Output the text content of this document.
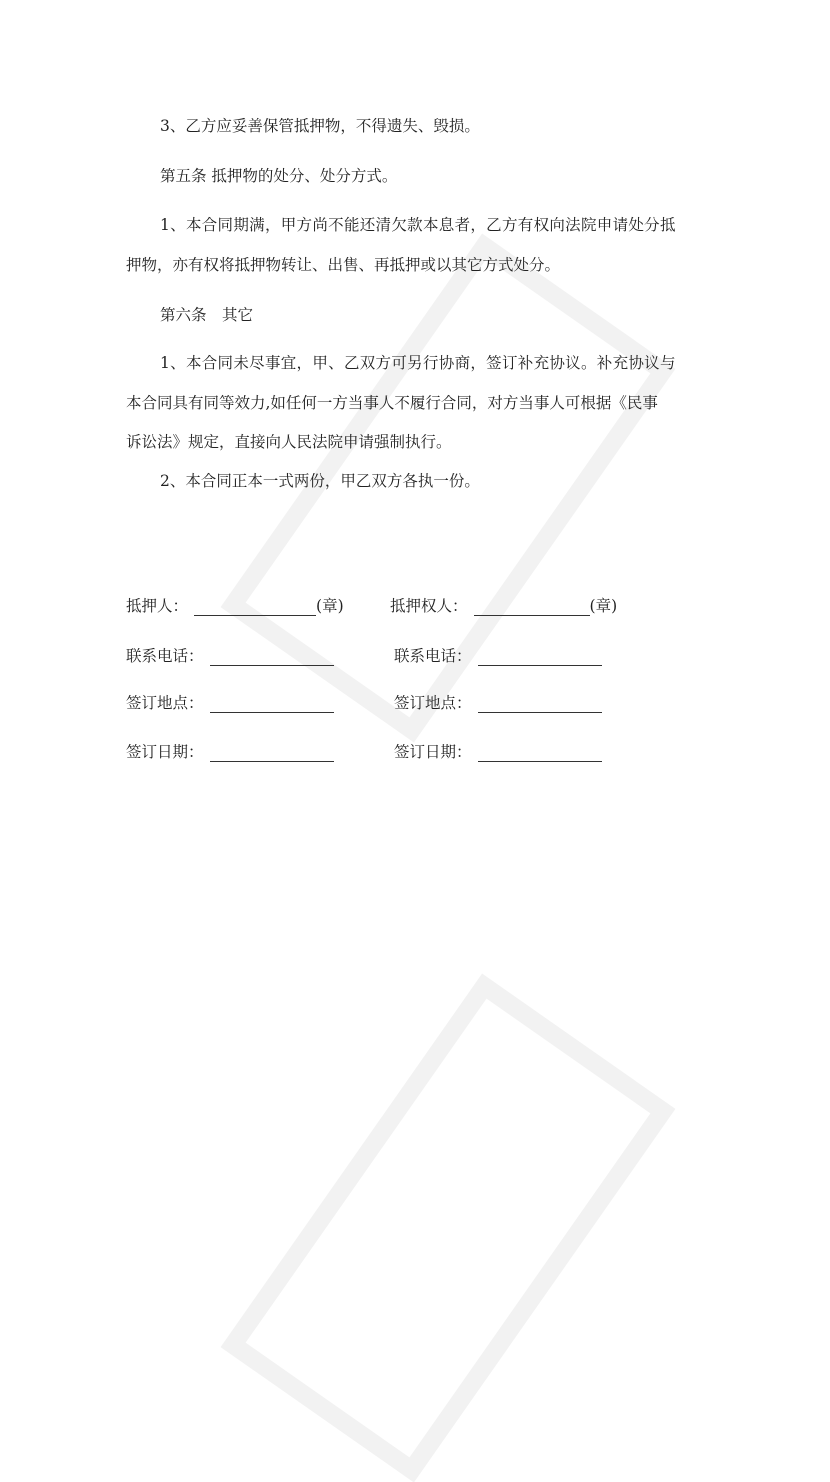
3、乙方应妥善保管抵押物，不得遗失、毁损。
第五条 抵押物的处分、处分方式。
1、本合同期满，甲方尚不能还清欠款本息者，乙方有权向法院申请处分抵
押物，亦有权将抵押物转让、出售、再抵押或以其它方式处分。
第六条　其它
1、本合同未尽事宜，甲、乙双方可另行协商，签订补充协议。补充协议与
本合同具有同等效力,如任何一方当事人不履行合同，对方当事人可根据《民事
诉讼法》规定，直接向人民法院申请强制执行。
2、本合同正本一式两份，甲乙双方各执一份。
抵押人：	(章)	抵押权人：	(章)
联系电话：	联系电话：
签订地点：	签订地点：
签订日期：	签订日期：
